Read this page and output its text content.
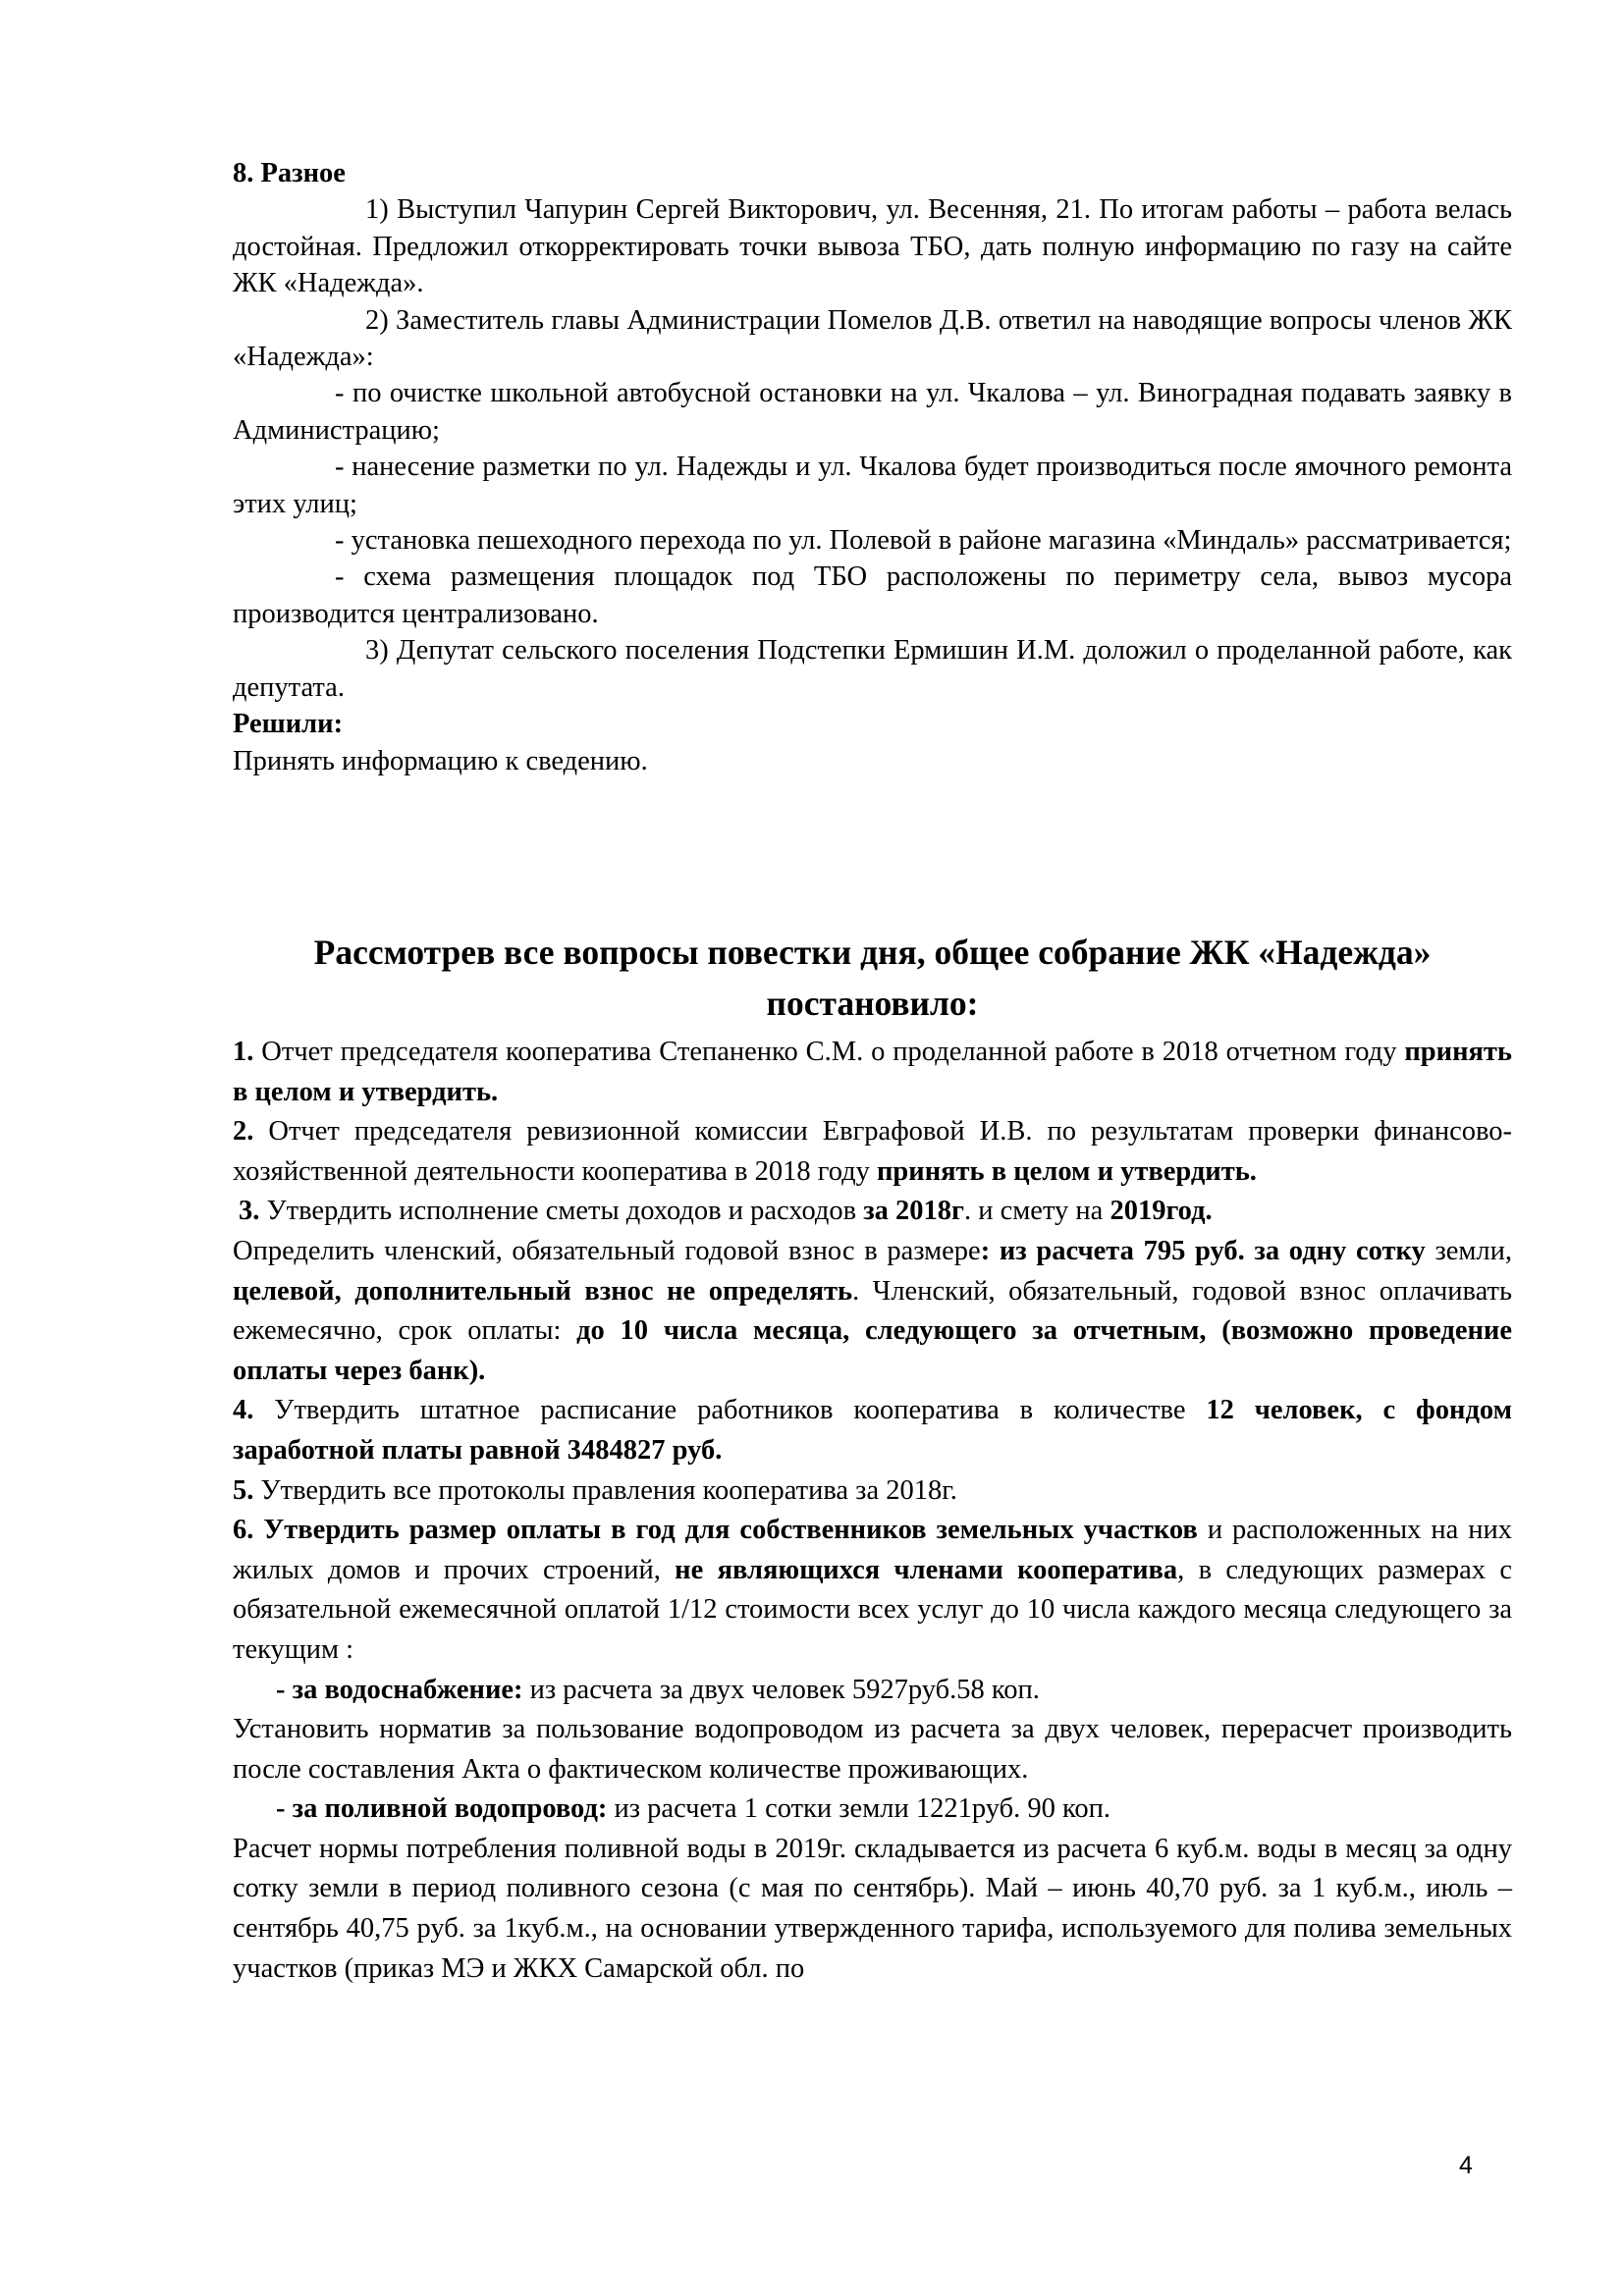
8. Разное

1) Выступил Чапурин Сергей Викторович, ул. Весенняя, 21. По итогам работы – работа велась достойная. Предложил откорректировать точки вывоза ТБО, дать полную информацию по газу на сайте ЖК «Надежда».

2) Заместитель главы Администрации Помелов Д.В. ответил на наводящие вопросы членов ЖК «Надежда»:

- по очистке школьной автобусной остановки на ул. Чкалова – ул. Виноградная подавать заявку в Администрацию;

- нанесение разметки по ул. Надежды и ул. Чкалова будет производиться после ямочного ремонта этих улиц;

- установка пешеходного перехода по ул. Полевой в районе магазина «Миндаль» рассматривается;

- схема размещения площадок под ТБО расположены по периметру села, вывоз мусора производится централизовано.

3) Депутат сельского поселения Подстепки Ермишин И.М. доложил о проделанной работе, как депутата.

Решили:

Принять информацию к сведению.

Рассмотрев все вопросы повестки дня, общее собрание ЖК «Надежда»
постановило:

1. Отчет председателя кооператива Степаненко С.М. о проделанной работе в 2018 отчетном году принять в целом и утвердить.

2. Отчет председателя ревизионной комиссии Евграфовой И.В. по результатам проверки финансово-хозяйственной деятельности кооператива в 2018 году принять в целом и утвердить.

3. Утвердить исполнение сметы доходов и расходов за 2018г. и смету на 2019год.

Определить членский, обязательный годовой взнос в размере: из расчета 795 руб. за одну сотку земли, целевой, дополнительный взнос не определять. Членский, обязательный, годовой взнос оплачивать ежемесячно, срок оплаты: до 10 числа месяца, следующего за отчетным, (возможно проведение оплаты через банк).

4. Утвердить штатное расписание работников кооператива в количестве 12 человек, с фондом заработной платы равной 3484827 руб.

5. Утвердить все протоколы правления кооператива за 2018г.

6. Утвердить размер оплаты в год для собственников земельных участков и расположенных на них жилых домов и прочих строений, не являющихся членами кооператива, в следующих размерах с обязательной ежемесячной оплатой 1/12 стоимости всех услуг до 10 числа каждого месяца следующего за текущим :

- за водоснабжение: из расчета за двух человек 5927руб.58 коп.

Установить норматив за пользование водопроводом из расчета за двух человек, перерасчет производить после составления Акта о фактическом количестве проживающих.

- за поливной водопровод: из расчета 1 сотки земли 1221руб. 90 коп.

Расчет нормы потребления поливной воды в 2019г. складывается из расчета 6 куб.м. воды в месяц за одну сотку земли в период поливного сезона (с мая по сентябрь). Май – июнь 40,70 руб. за 1 куб.м., июль – сентябрь 40,75 руб. за 1куб.м., на основании утвержденного тарифа, используемого для полива земельных участков (приказ МЭ и ЖКХ Самарской обл. по

4
